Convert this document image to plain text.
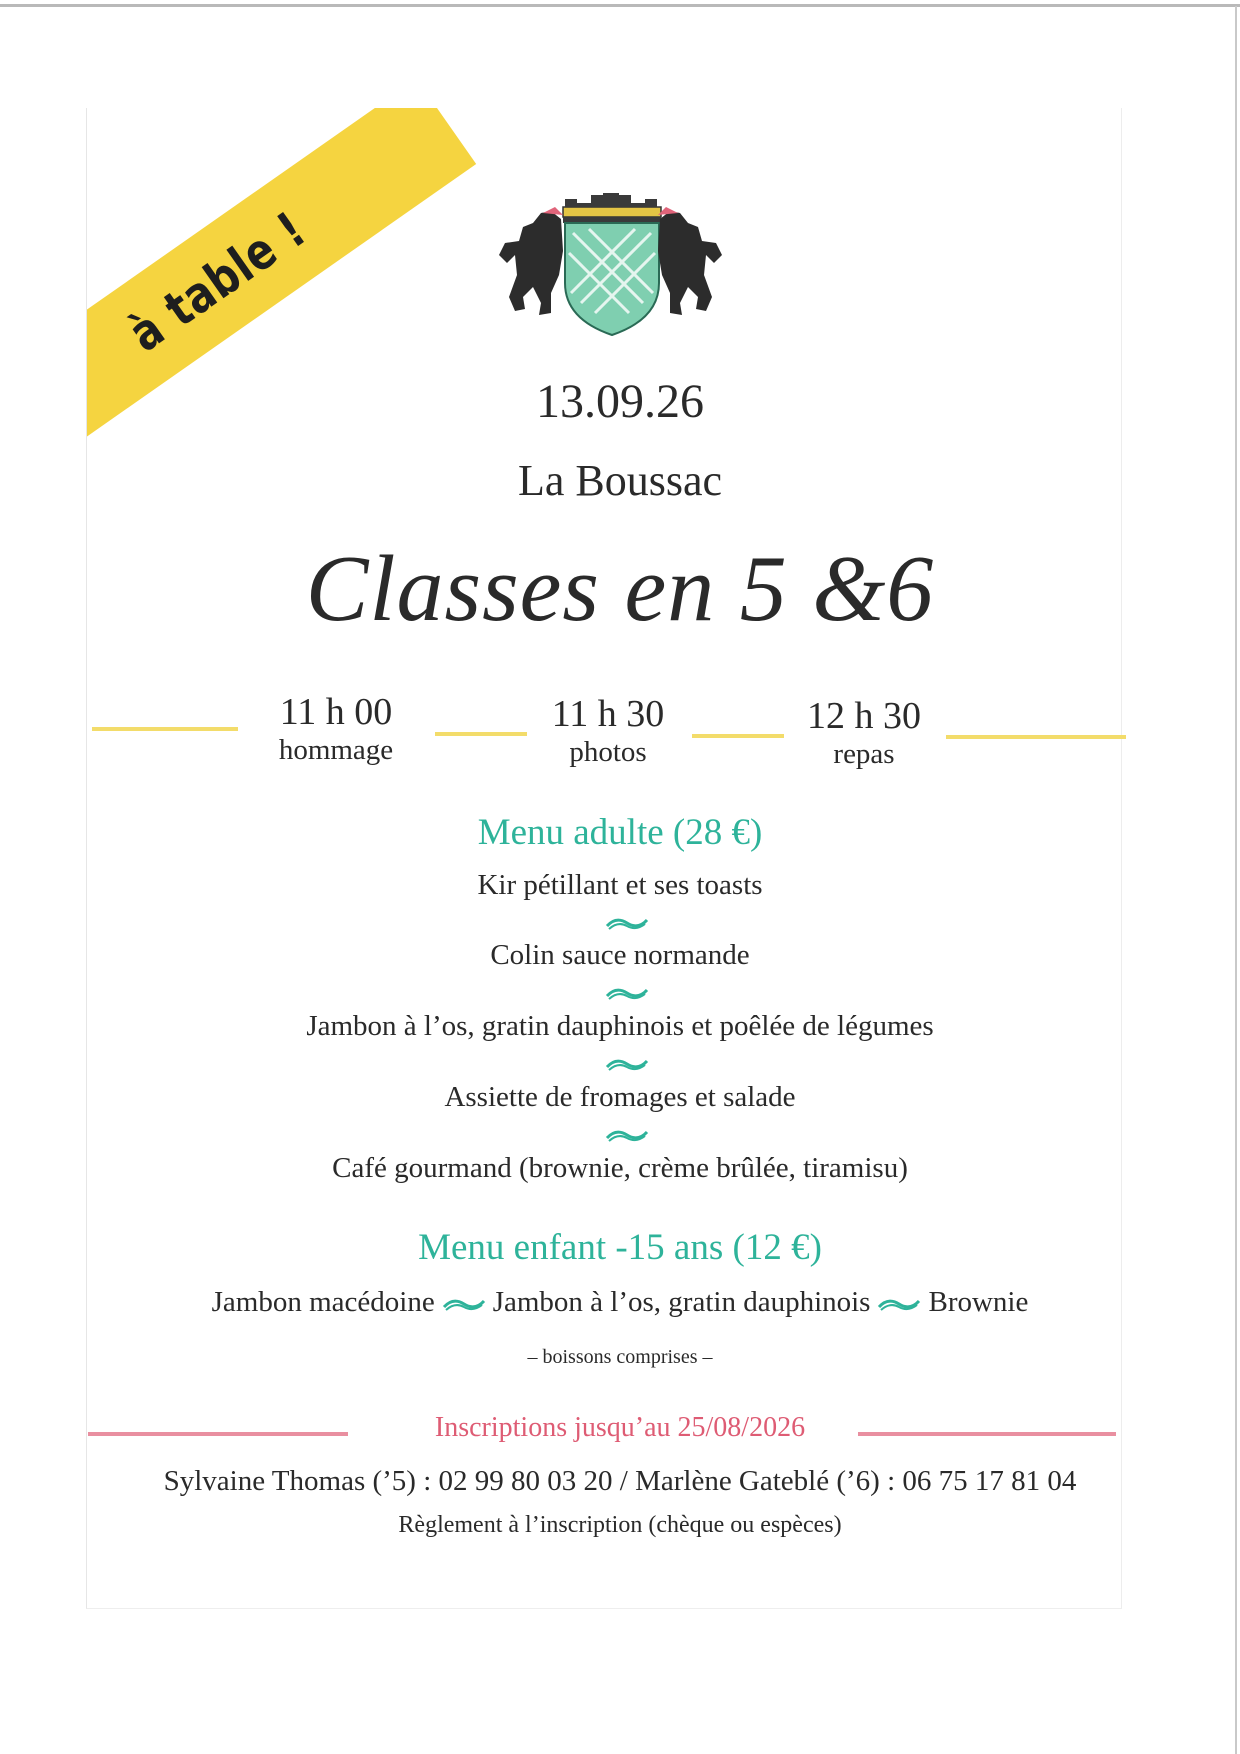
à table !
13.09.26
La Boussac
Classes en 5 &6
11 h 00
hommage
11 h 30
photos
12 h 30
repas
Menu adulte (28 €)
Kir pétillant et ses toasts
Colin sauce normande
Jambon à l’os, gratin dauphinois et poêlée de légumes
Assiette de fromages et salade
Café gourmand (brownie, crème brûlée, tiramisu)
Menu enfant -15 ans (12 €)
Jambon macédoine Jambon à l’os, gratin dauphinois Brownie
– boissons comprises –
Inscriptions jusqu’au 25/08/2026
Sylvaine Thomas (’5) : 02 99 80 03 20 / Marlène Gateblé (’6) : 06 75 17 81 04
Règlement à l’inscription (chèque ou espèces)
